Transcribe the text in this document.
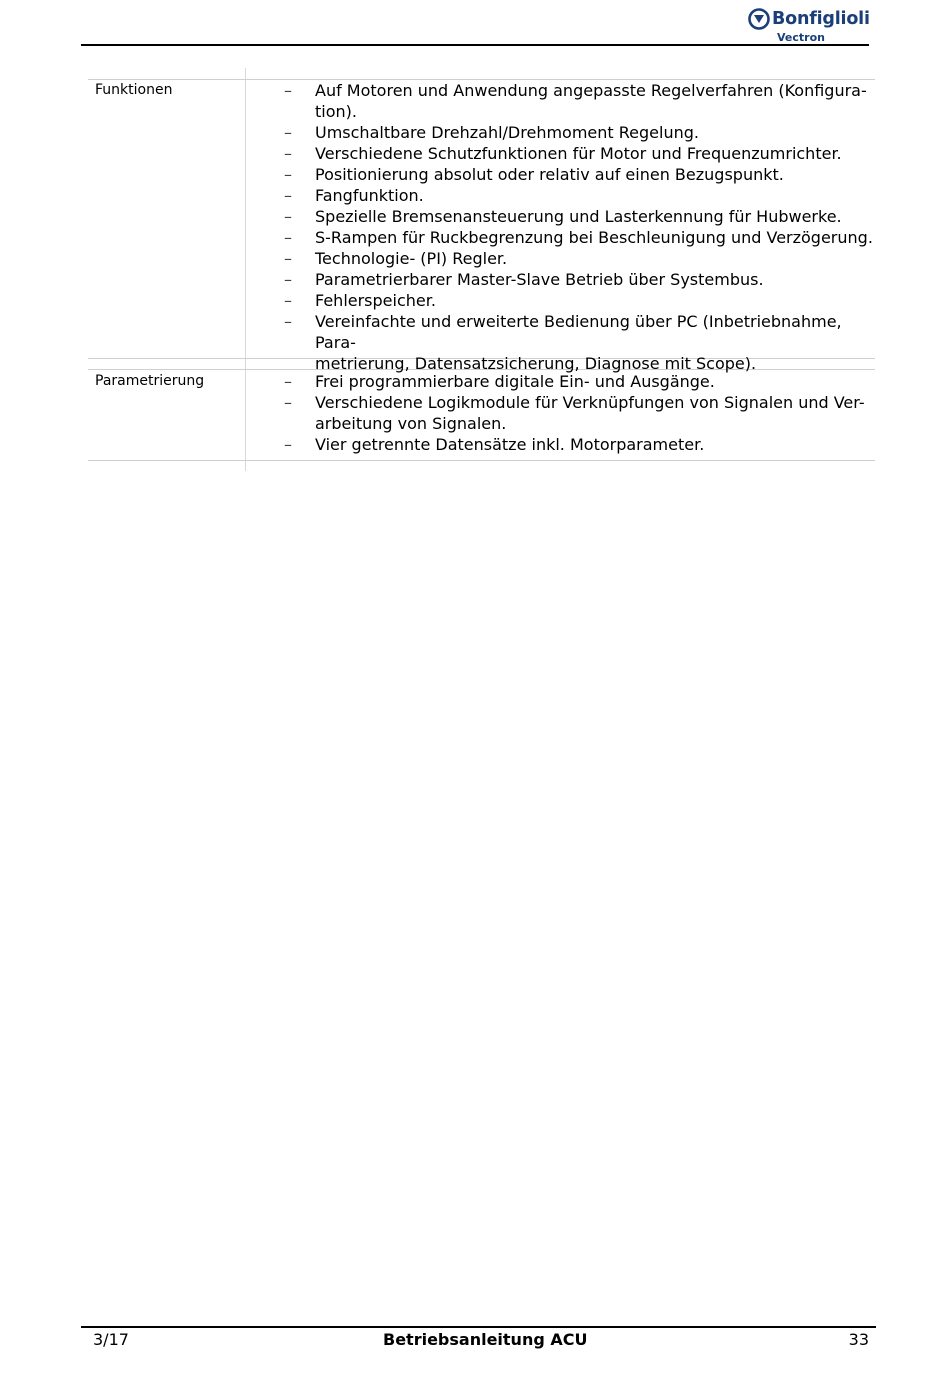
Bonfiglioli
Vectron
Funktionen	– Auf Motoren und Anwendung angepasste Regelverfahren (Konfigura-
tion).
– Umschaltbare Drehzahl/Drehmoment Regelung.
– Verschiedene Schutzfunktionen für Motor und Frequenzumrichter.
– Positionierung absolut oder relativ auf einen Bezugspunkt.
– Fangfunktion.
– Spezielle Bremsenansteuerung und Lasterkennung für Hubwerke.
– S-Rampen für Ruckbegrenzung bei Beschleunigung und Verzögerung.
– Technologie- (PI) Regler.
– Parametrierbarer Master-Slave Betrieb über Systembus.
– Fehlerspeicher.
– Vereinfachte und erweiterte Bedienung über PC (Inbetriebnahme, Para-
metrierung, Datensatzsicherung, Diagnose mit Scope).
Parametrierung	– Frei programmierbare digitale Ein- und Ausgänge.
– Verschiedene Logikmodule für Verknüpfungen von Signalen und Ver-
arbeitung von Signalen.
– Vier getrennte Datensätze inkl. Motorparameter.
3/17	Betriebsanleitung ACU	33
